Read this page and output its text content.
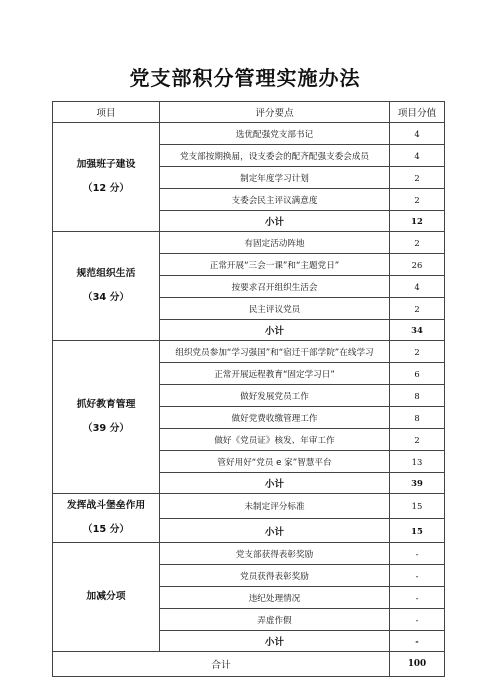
党支部积分管理实施办法
项目	评分要点	项目分值

加强班子建设
（12 分）	选优配强党支部书记	4
	党支部按期换届，设支委会的配齐配强支委会成员	4
	制定年度学习计划	2
	支委会民主评议满意度	2
	小计	12

规范组织生活
（34 分）	有固定活动阵地	2
	正常开展“三会一课”和“主题党日”	26
	按要求召开组织生活会	4
	民主评议党员	2
	小计	34

抓好教育管理
（39 分）	组织党员参加“学习强国”和“宿迁干部学院”在线学习	2
	正常开展远程教育“固定学习日”	6
	做好发展党员工作	8
	做好党费收缴管理工作	8
	做好《党员证》核发、年审工作	2
	管好用好“党员 e 家”智慧平台	13
	小计	39

发挥战斗堡垒作用
（15 分）	未制定评分标准	15
	小计	15

加减分项	党支部获得表彰奖励	-
	党员获得表彰奖励	-
	违纪处理情况	-
	弄虚作假	-
	小计	-
合计		100
